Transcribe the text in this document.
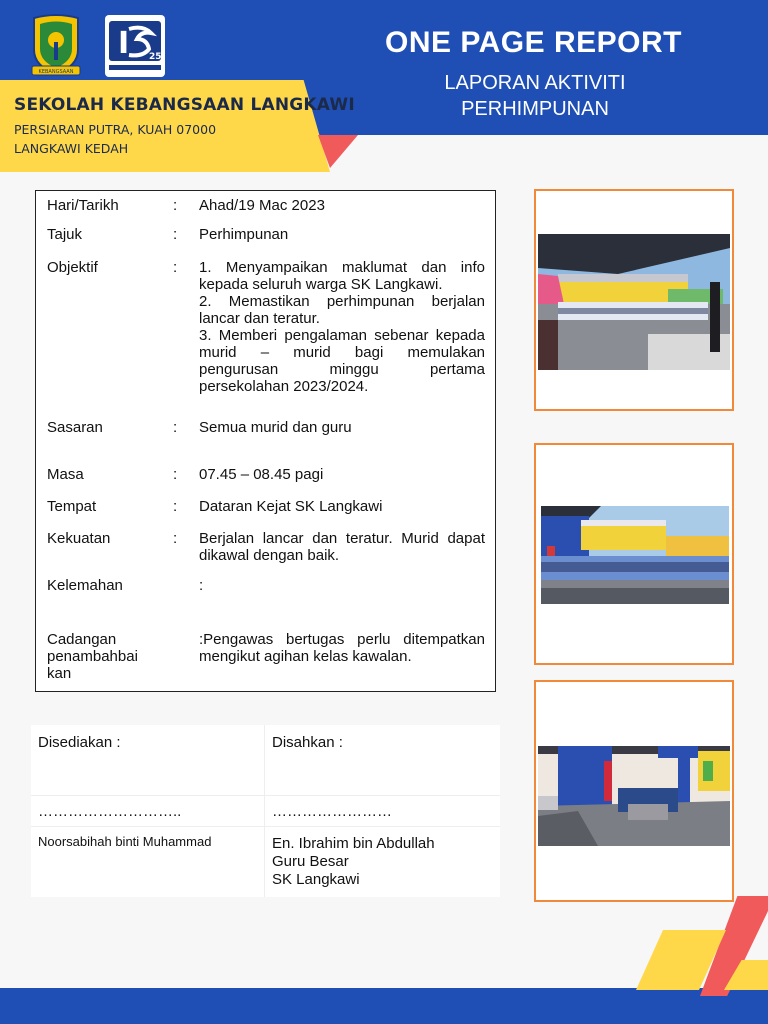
KEBANGSAAN
I 25
SEKOLAH KEBANGSAAN LANGKAWI
PERSIARAN PUTRA, KUAH 07000
LANGKAWI KEDAH
ONE PAGE REPORT
LAPORAN AKTIVITI
PERHIMPUNAN
Hari/Tarikh	: Ahad/19 Mac 2023
Tajuk	: Perhimpunan
Objektif	: 1. Menyampaikan maklumat dan info kepada seluruh warga SK Langkawi.

2. Memastikan perhimpunan berjalan lancar dan teratur.

3. Memberi pengalaman sebenar kepada murid – murid bagi memulakan pengurusan minggu pertama persekolahan 2023/2024.

Sasaran	: Semua murid dan guru
Masa	: 07.45 – 08.45 pagi
Tempat	: Dataran Kejat SK Langkawi
Kekuatan	: Berjalan lancar dan teratur. Murid dapat dikawal dengan baik.
Kelemahan	:
Cadangan
penambahbai
kan
:Pengawas bertugas perlu ditempatkan mengikut agihan kelas kawalan.
Disediakan :	Disahkan :
………………………..	……………………
Noorsabihah binti Muhammad	En. Ibrahim bin Abdullah
Guru Besar
SK Langkawi
